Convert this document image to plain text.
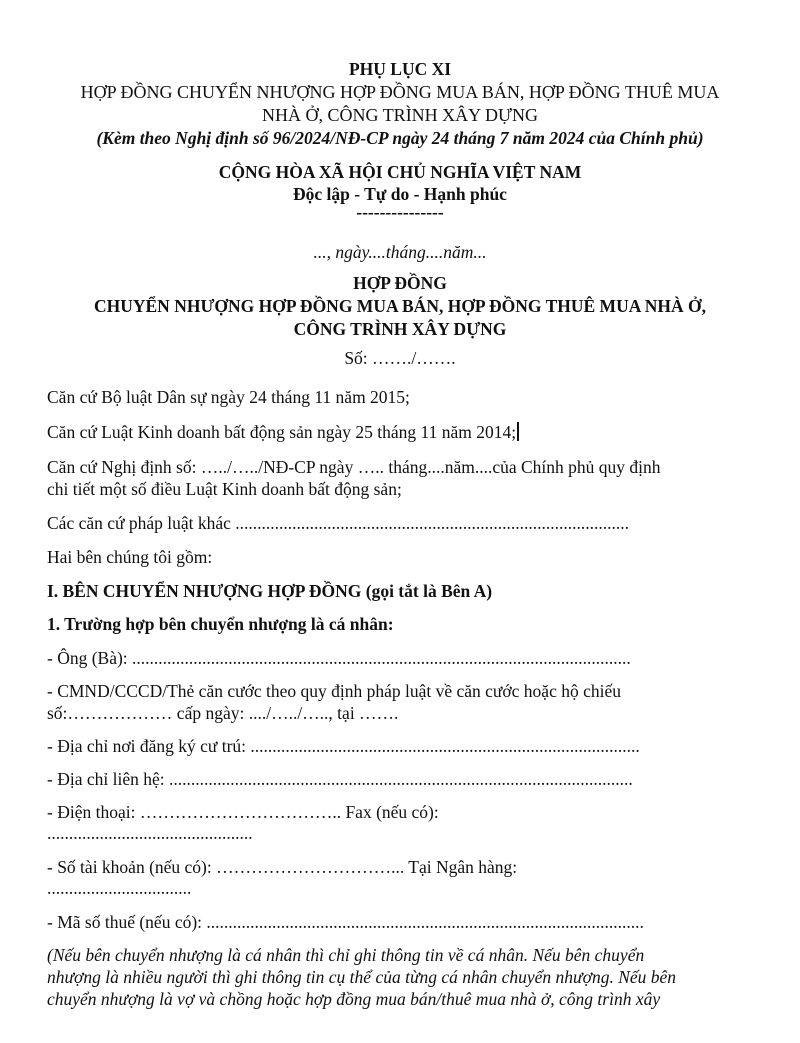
PHỤ LỤC XI
HỢP ĐỒNG CHUYỂN NHƯỢNG HỢP ĐỒNG MUA BÁN, HỢP ĐỒNG THUÊ MUA
NHÀ Ở, CÔNG TRÌNH XÂY DỰNG
(Kèm theo Nghị định số 96/2024/NĐ-CP ngày 24 tháng 7 năm 2024 của Chính phủ)
CỘNG HÒA XÃ HỘI CHỦ NGHĨA VIỆT NAM
Độc lập - Tự do - Hạnh phúc
---------------
..., ngày....tháng....năm...
HỢP ĐỒNG
CHUYỂN NHƯỢNG HỢP ĐỒNG MUA BÁN, HỢP ĐỒNG THUÊ MUA NHÀ Ở,
CÔNG TRÌNH XÂY DỰNG
Số: ……./…….
Căn cứ Bộ luật Dân sự ngày 24 tháng 11 năm 2015;
Căn cứ Luật Kinh doanh bất động sản ngày 25 tháng 11 năm 2014;
Căn cứ Nghị định số: …../…../NĐ-CP ngày ….. tháng....năm....của Chính phủ quy định
chi tiết một số điều Luật Kinh doanh bất động sản;
Các căn cứ pháp luật khác ..........................................................................................
Hai bên chúng tôi gồm:
I. BÊN CHUYỂN NHƯỢNG HỢP ĐỒNG (gọi tắt là Bên A)
1. Trường hợp bên chuyển nhượng là cá nhân:
- Ông (Bà): ..................................................................................................................
- CMND/CCCD/Thẻ căn cước theo quy định pháp luật về căn cước hoặc hộ chiếu
số:……………… cấp ngày: ..../…../….., tại …….
- Địa chỉ nơi đăng ký cư trú: .........................................................................................
- Địa chỉ liên hệ: ..........................................................................................................
- Điện thoại: …………………………….. Fax (nếu có):
...............................................
- Số tài khoản (nếu có): …………………………... Tại Ngân hàng:
.................................
- Mã số thuế (nếu có): ....................................................................................................
(Nếu bên chuyển nhượng là cá nhân thì chỉ ghi thông tin về cá nhân. Nếu bên chuyển
nhượng là nhiều người thì ghi thông tin cụ thể của từng cá nhân chuyển nhượng. Nếu bên
chuyển nhượng là vợ và chồng hoặc hợp đồng mua bán/thuê mua nhà ở, công trình xây
